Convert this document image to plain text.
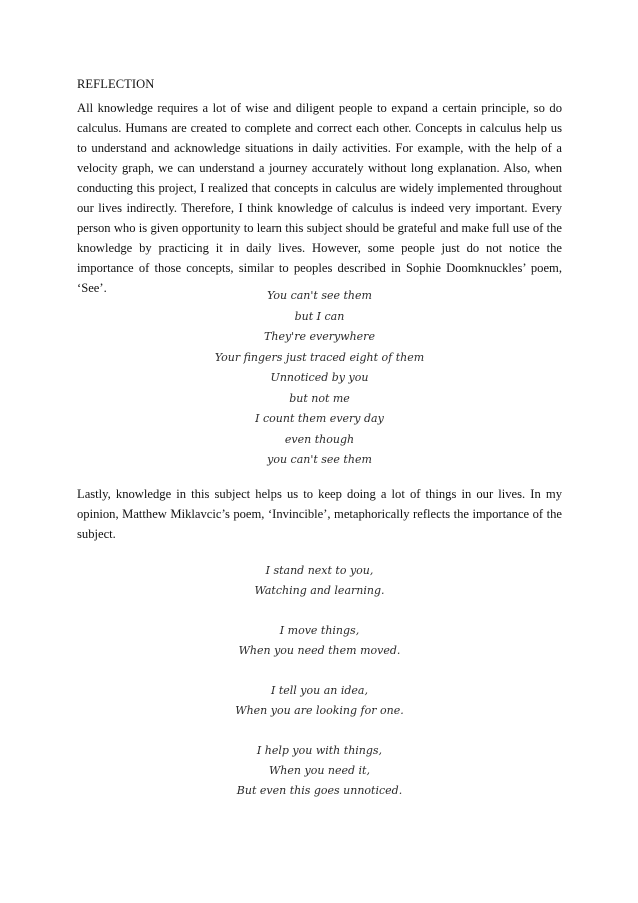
REFLECTION
All knowledge requires a lot of wise and diligent people to expand a certain principle, so do calculus. Humans are created to complete and correct each other. Concepts in calculus help us to understand and acknowledge situations in daily activities. For example, with the help of a velocity graph, we can understand a journey accurately without long explanation. Also, when conducting this project, I realized that concepts in calculus are widely implemented throughout our lives indirectly. Therefore, I think knowledge of calculus is indeed very important. Every person who is given opportunity to learn this subject should be grateful and make full use of the knowledge by practicing it in daily lives. However, some people just do not notice the importance of those concepts, similar to peoples described in Sophie Doomknuckles’ poem, ‘See’.
You can't see them
but I can
They're everywhere
Your fingers just traced eight of them
Unnoticed by you
but not me
I count them every day
even though
you can't see them
Lastly, knowledge in this subject helps us to keep doing a lot of things in our lives. In my opinion, Matthew Miklavcic’s poem, ‘Invincible’, metaphorically reflects the importance of the subject.
I stand next to you,
Watching and learning.
I move things,
When you need them moved.
I tell you an idea,
When you are looking for one.
I help you with things,
When you need it,
But even this goes unnoticed.
